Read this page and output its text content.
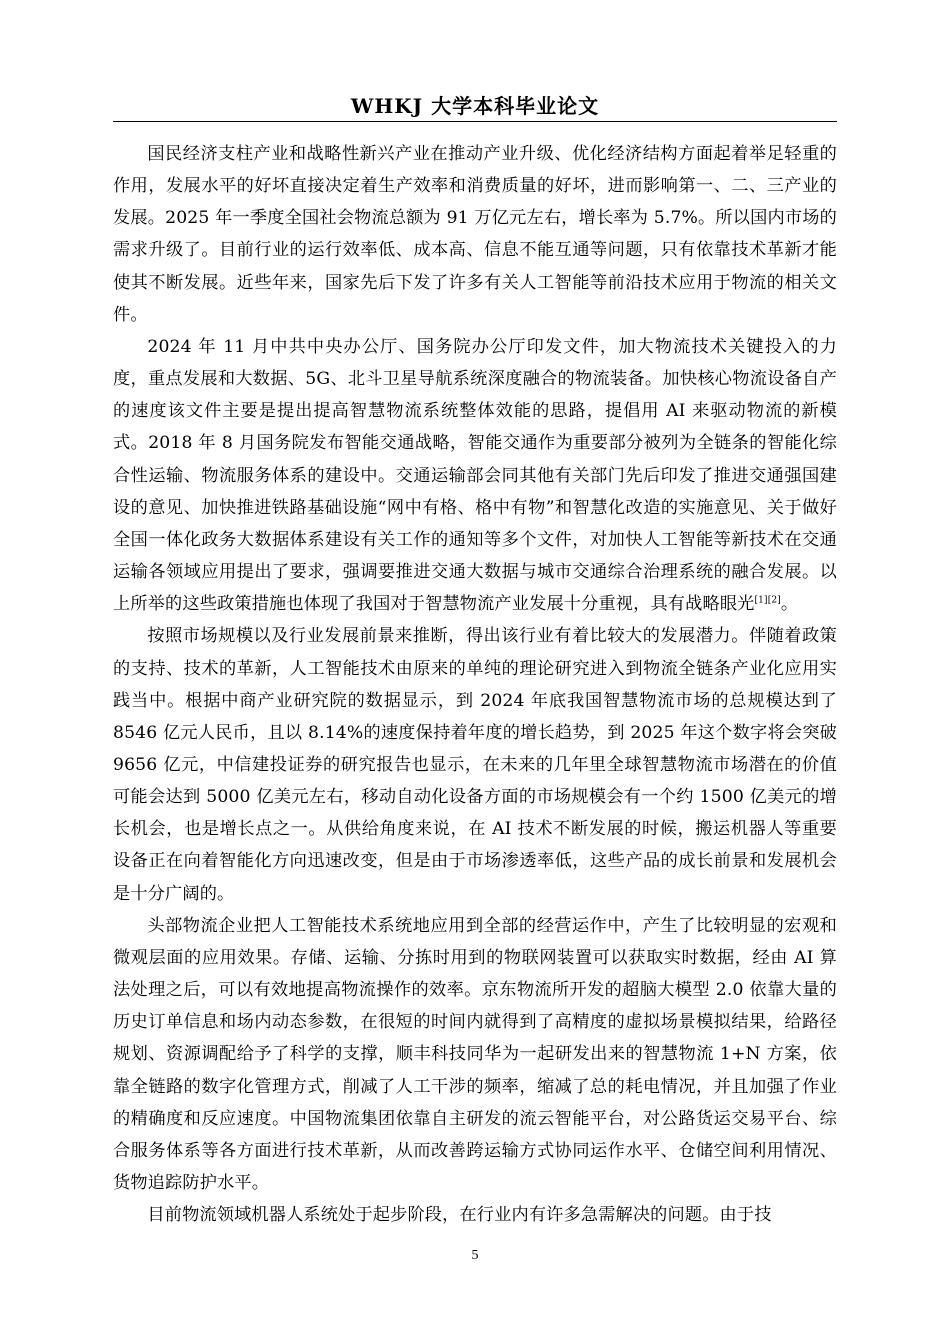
WHKJ 大学本科毕业论文

国民经济支柱产业和战略性新兴产业在推动产业升级、优化经济结构方面起着举足轻重的作用，发展水平的好坏直接决定着生产效率和消费质量的好坏，进而影响第一、二、三产业的发展。2025 年一季度全国社会物流总额为 91 万亿元左右，增长率为 5.7%。所以国内市场的需求升级了。目前行业的运行效率低、成本高、信息不能互通等问题，只有依靠技术革新才能使其不断发展。近些年来，国家先后下发了许多有关人工智能等前沿技术应用于物流的相关文件。

2024 年 11 月中共中央办公厅、国务院办公厅印发文件，加大物流技术关键投入的力度，重点发展和大数据、5G、北斗卫星导航系统深度融合的物流装备。加快核心物流设备自产的速度该文件主要是提出提高智慧物流系统整体效能的思路，提倡用 AI 来驱动物流的新模式。2018 年 8 月国务院发布智能交通战略，智能交通作为重要部分被列为全链条的智能化综合性运输、物流服务体系的建设中。交通运输部会同其他有关部门先后印发了推进交通强国建设的意见、加快推进铁路基础设施“网中有格、格中有物”和智慧化改造的实施意见、关于做好全国一体化政务大数据体系建设有关工作的通知等多个文件，对加快人工智能等新技术在交通运输各领域应用提出了要求，强调要推进交通大数据与城市交通综合治理系统的融合发展。以上所举的这些政策措施也体现了我国对于智慧物流产业发展十分重视，具有战略眼光[1][2]。

按照市场规模以及行业发展前景来推断，得出该行业有着比较大的发展潜力。伴随着政策的支持、技术的革新，人工智能技术由原来的单纯的理论研究进入到物流全链条产业化应用实践当中。根据中商产业研究院的数据显示，到 2024 年底我国智慧物流市场的总规模达到了 8546 亿元人民币，且以 8.14%的速度保持着年度的增长趋势，到 2025 年这个数字将会突破 9656 亿元，中信建投证券的研究报告也显示，在未来的几年里全球智慧物流市场潜在的价值可能会达到 5000 亿美元左右，移动自动化设备方面的市场规模会有一个约 1500 亿美元的增长机会，也是增长点之一。从供给角度来说，在 AI 技术不断发展的时候，搬运机器人等重要设备正在向着智能化方向迅速改变，但是由于市场渗透率低，这些产品的成长前景和发展机会是十分广阔的。

头部物流企业把人工智能技术系统地应用到全部的经营运作中，产生了比较明显的宏观和微观层面的应用效果。存储、运输、分拣时用到的物联网装置可以获取实时数据，经由 AI 算法处理之后，可以有效地提高物流操作的效率。京东物流所开发的超脑大模型 2.0 依靠大量的历史订单信息和场内动态参数，在很短的时间内就得到了高精度的虚拟场景模拟结果，给路径规划、资源调配给予了科学的支撑，顺丰科技同华为一起研发出来的智慧物流 1+N 方案，依靠全链路的数字化管理方式，削减了人工干涉的频率，缩减了总的耗电情况，并且加强了作业的精确度和反应速度。中国物流集团依靠自主研发的流云智能平台，对公路货运交易平台、综合服务体系等各方面进行技术革新，从而改善跨运输方式协同运作水平、仓储空间利用情况、货物追踪防护水平。

目前物流领域机器人系统处于起步阶段，在行业内有许多急需解决的问题。由于技

5
